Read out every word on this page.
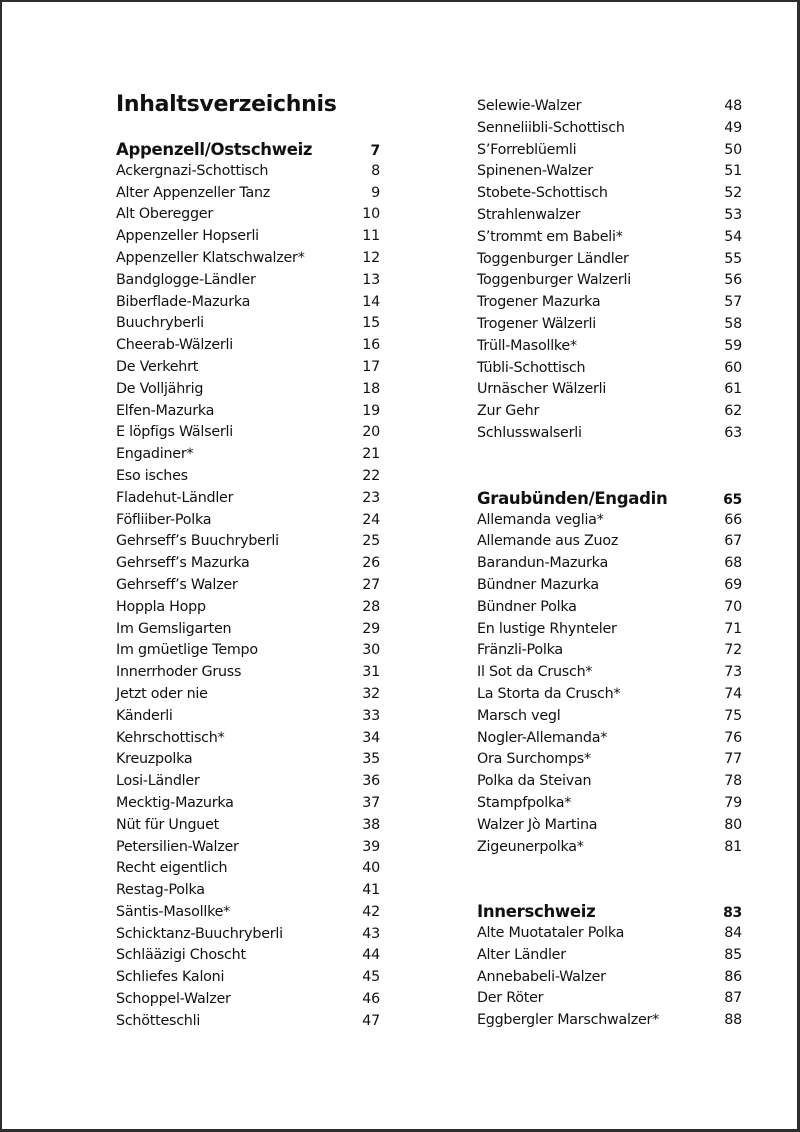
Inhaltsverzeichnis
Appenzell/Ostschweiz	7
Ackergnazi-Schottisch	8
Alter Appenzeller Tanz	9
Alt Oberegger	10
Appenzeller Hopserli	11
Appenzeller Klatschwalzer*	12
Bandglogge-Ländler	13
Biberflade-Mazurka	14
Buuchryberli	15
Cheerab-Wälzerli	16
De Verkehrt	17
De Volljährig	18
Elfen-Mazurka	19
E löpfigs Wälserli	20
Engadiner*	21
Eso isches	22
Fladehut-Ländler	23
Föfliiber-Polka	24
Gehrseff’s Buuchryberli	25
Gehrseff’s Mazurka	26
Gehrseff’s Walzer	27
Hoppla Hopp	28
Im Gemsligarten	29
Im gmüetlige Tempo	30
Innerrhoder Gruss	31
Jetzt oder nie	32
Känderli	33
Kehrschottisch*	34
Kreuzpolka	35
Losi-Ländler	36
Mecktig-Mazurka	37
Nüt für Unguet	38
Petersilien-Walzer	39
Recht eigentlich	40
Restag-Polka	41
Säntis-Masollke*	42
Schicktanz-Buuchryberli	43
Schlääzigi Choscht	44
Schliefes Kaloni	45
Schoppel-Walzer	46
Schötteschli	47
Selewie-Walzer	48
Senneliibli-Schottisch	49
S’Forreblüemli	50
Spinenen-Walzer	51
Stobete-Schottisch	52
Strahlenwalzer	53
S’trommt em Babeli*	54
Toggenburger Ländler	55
Toggenburger Walzerli	56
Trogener Mazurka	57
Trogener Wälzerli	58
Trüll-Masollke*	59
Tübli-Schottisch	60
Urnäscher Wälzerli	61
Zur Gehr	62
Schlusswalserli	63
Graubünden/Engadin	65
Allemanda veglia*	66
Allemande aus Zuoz	67
Barandun-Mazurka	68
Bündner Mazurka	69
Bündner Polka	70
En lustige Rhynteler	71
Fränzli-Polka	72
Il Sot da Crusch*	73
La Storta da Crusch*	74
Marsch vegl	75
Nogler-Allemanda*	76
Ora Surchomps*	77
Polka da Steivan	78
Stampfpolka*	79
Walzer Jò Martina	80
Zigeunerpolka*	81
Innerschweiz	83
Alte Muotataler Polka	84
Alter Ländler	85
Annebabeli-Walzer	86
Der Röter	87
Eggbergler Marschwalzer*	88
